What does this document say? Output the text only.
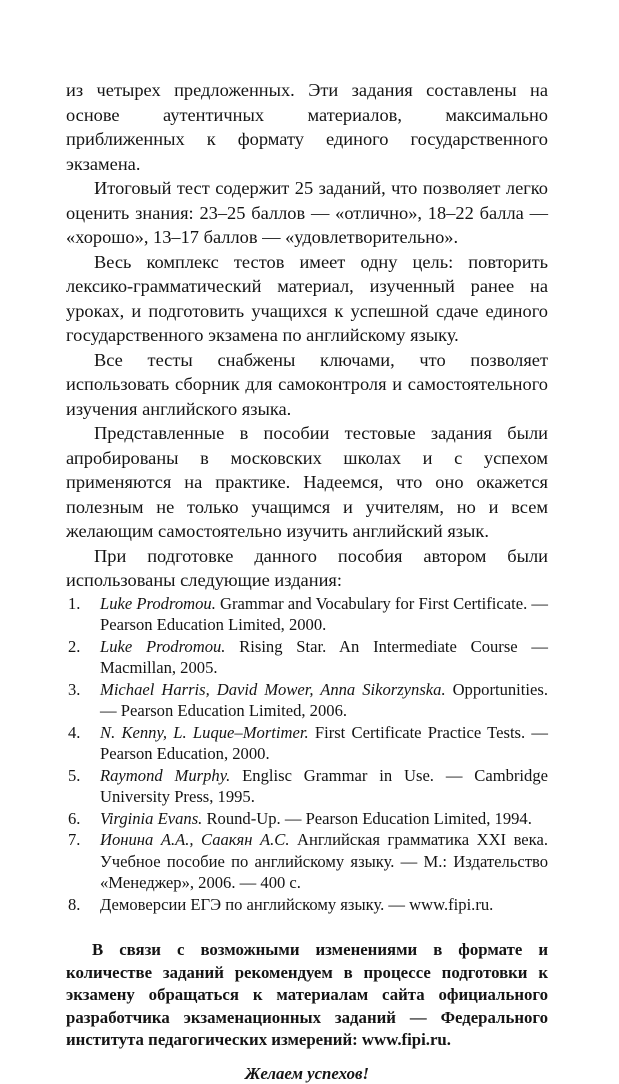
из четырех предложенных. Эти задания составлены на основе аутентичных материалов, максимально приближенных к формату единого государственного экзамена.

Итоговый тест содержит 25 заданий, что позволяет легко оценить знания: 23–25 баллов — «отлично», 18–22 балла — «хорошо», 13–17 баллов — «удовлетворительно».

Весь комплекс тестов имеет одну цель: повторить лексико-грамматический материал, изученный ранее на уроках, и подготовить учащихся к успешной сдаче единого государственного экзамена по английскому языку.

Все тесты снабжены ключами, что позволяет использовать сборник для самоконтроля и самостоятельного изучения английского языка.

Представленные в пособии тестовые задания были апробированы в московских школах и с успехом применяются на практике. Надеемся, что оно окажется полезным не только учащимся и учителям, но и всем желающим самостоятельно изучить английский язык.

При подготовке данного пособия автором были использованы следующие издания:

1.	Luke Prodromou. Grammar and Vocabulary for First Certificate. — Pearson Education Limited, 2000.
2.	Luke Prodromou. Rising Star. An Intermediate Course — Macmillan, 2005.
3.	Michael Harris, David Mower, Anna Sikorzynska. Opportunities. — Pearson Education Limited, 2006.
4.	N. Kenny, L. Luque–Mortimer. First Certificate Practice Tests. — Pearson Education, 2000.
5.	Raymond Murphy. Englisc Grammar in Use. — Cambridge University Press, 1995.
6.	Virginia Evans. Round-Up. — Pearson Education Limited, 1994.
7.	Ионина А.А., Саакян А.С. Английская грамматика XXI века. Учебное пособие по английскому языку. — М.: Издательство «Менеджер», 2006. — 400 с.
8.	Демоверсии ЕГЭ по английскому языку. — www.fipi.ru.

В связи с возможными изменениями в формате и количестве заданий рекомендуем в процессе подготовки к экзамену обращаться к материалам сайта официального разработчика экзаменационных заданий — Федерального института педагогических измерений: www.fipi.ru.

Желаем успехов!
